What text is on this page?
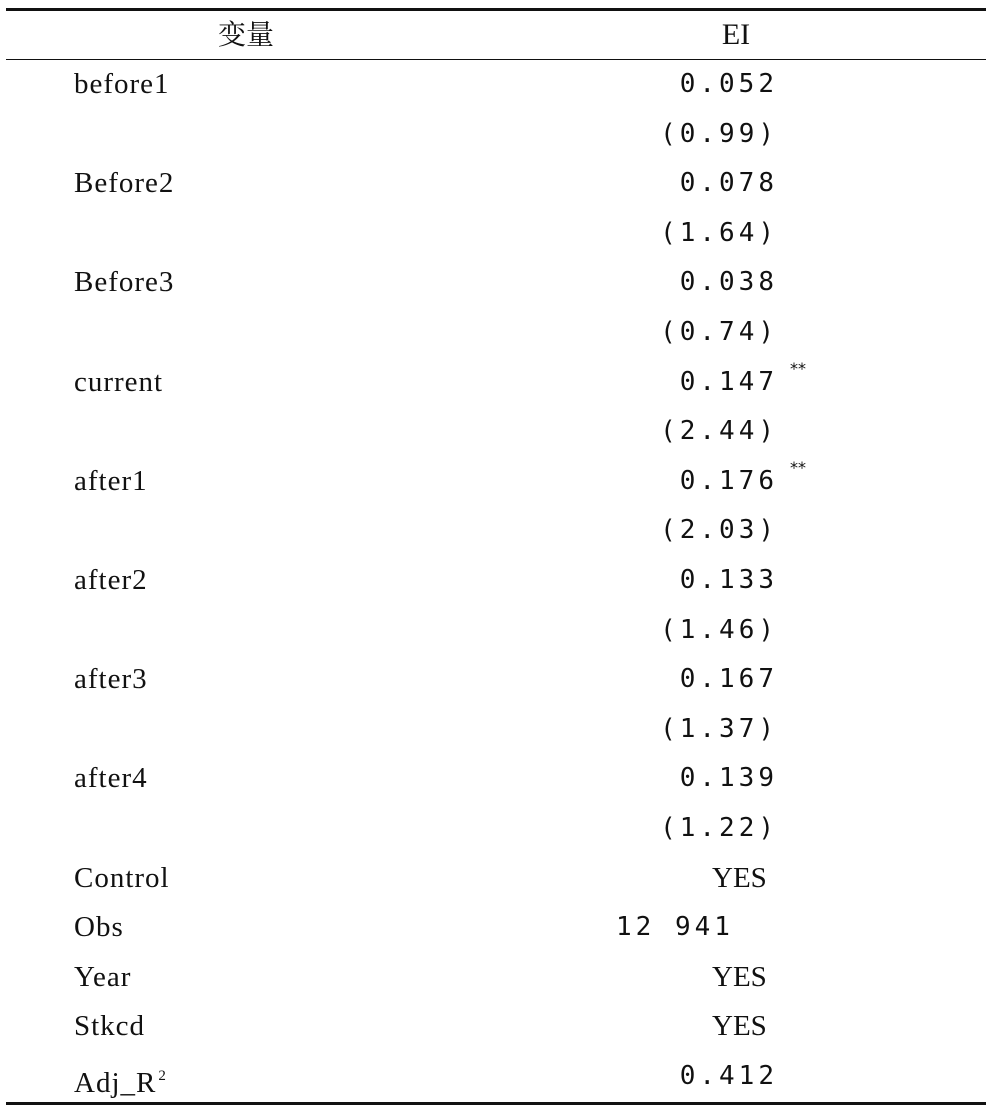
变量	EI
before1	0.052
(0.99)
Before2	0.078
(1.64)
Before3	0.038
(0.74)
current	0.147 **
(2.44)
after1	0.176 **
(2.03)
after2	0.133
(1.46)
after3	0.167
(1.37)
after4	0.139
(1.22)
Control	YES
Obs	12 941
Year	YES
Stkcd	YES
Adj_R $^2$	0.412
